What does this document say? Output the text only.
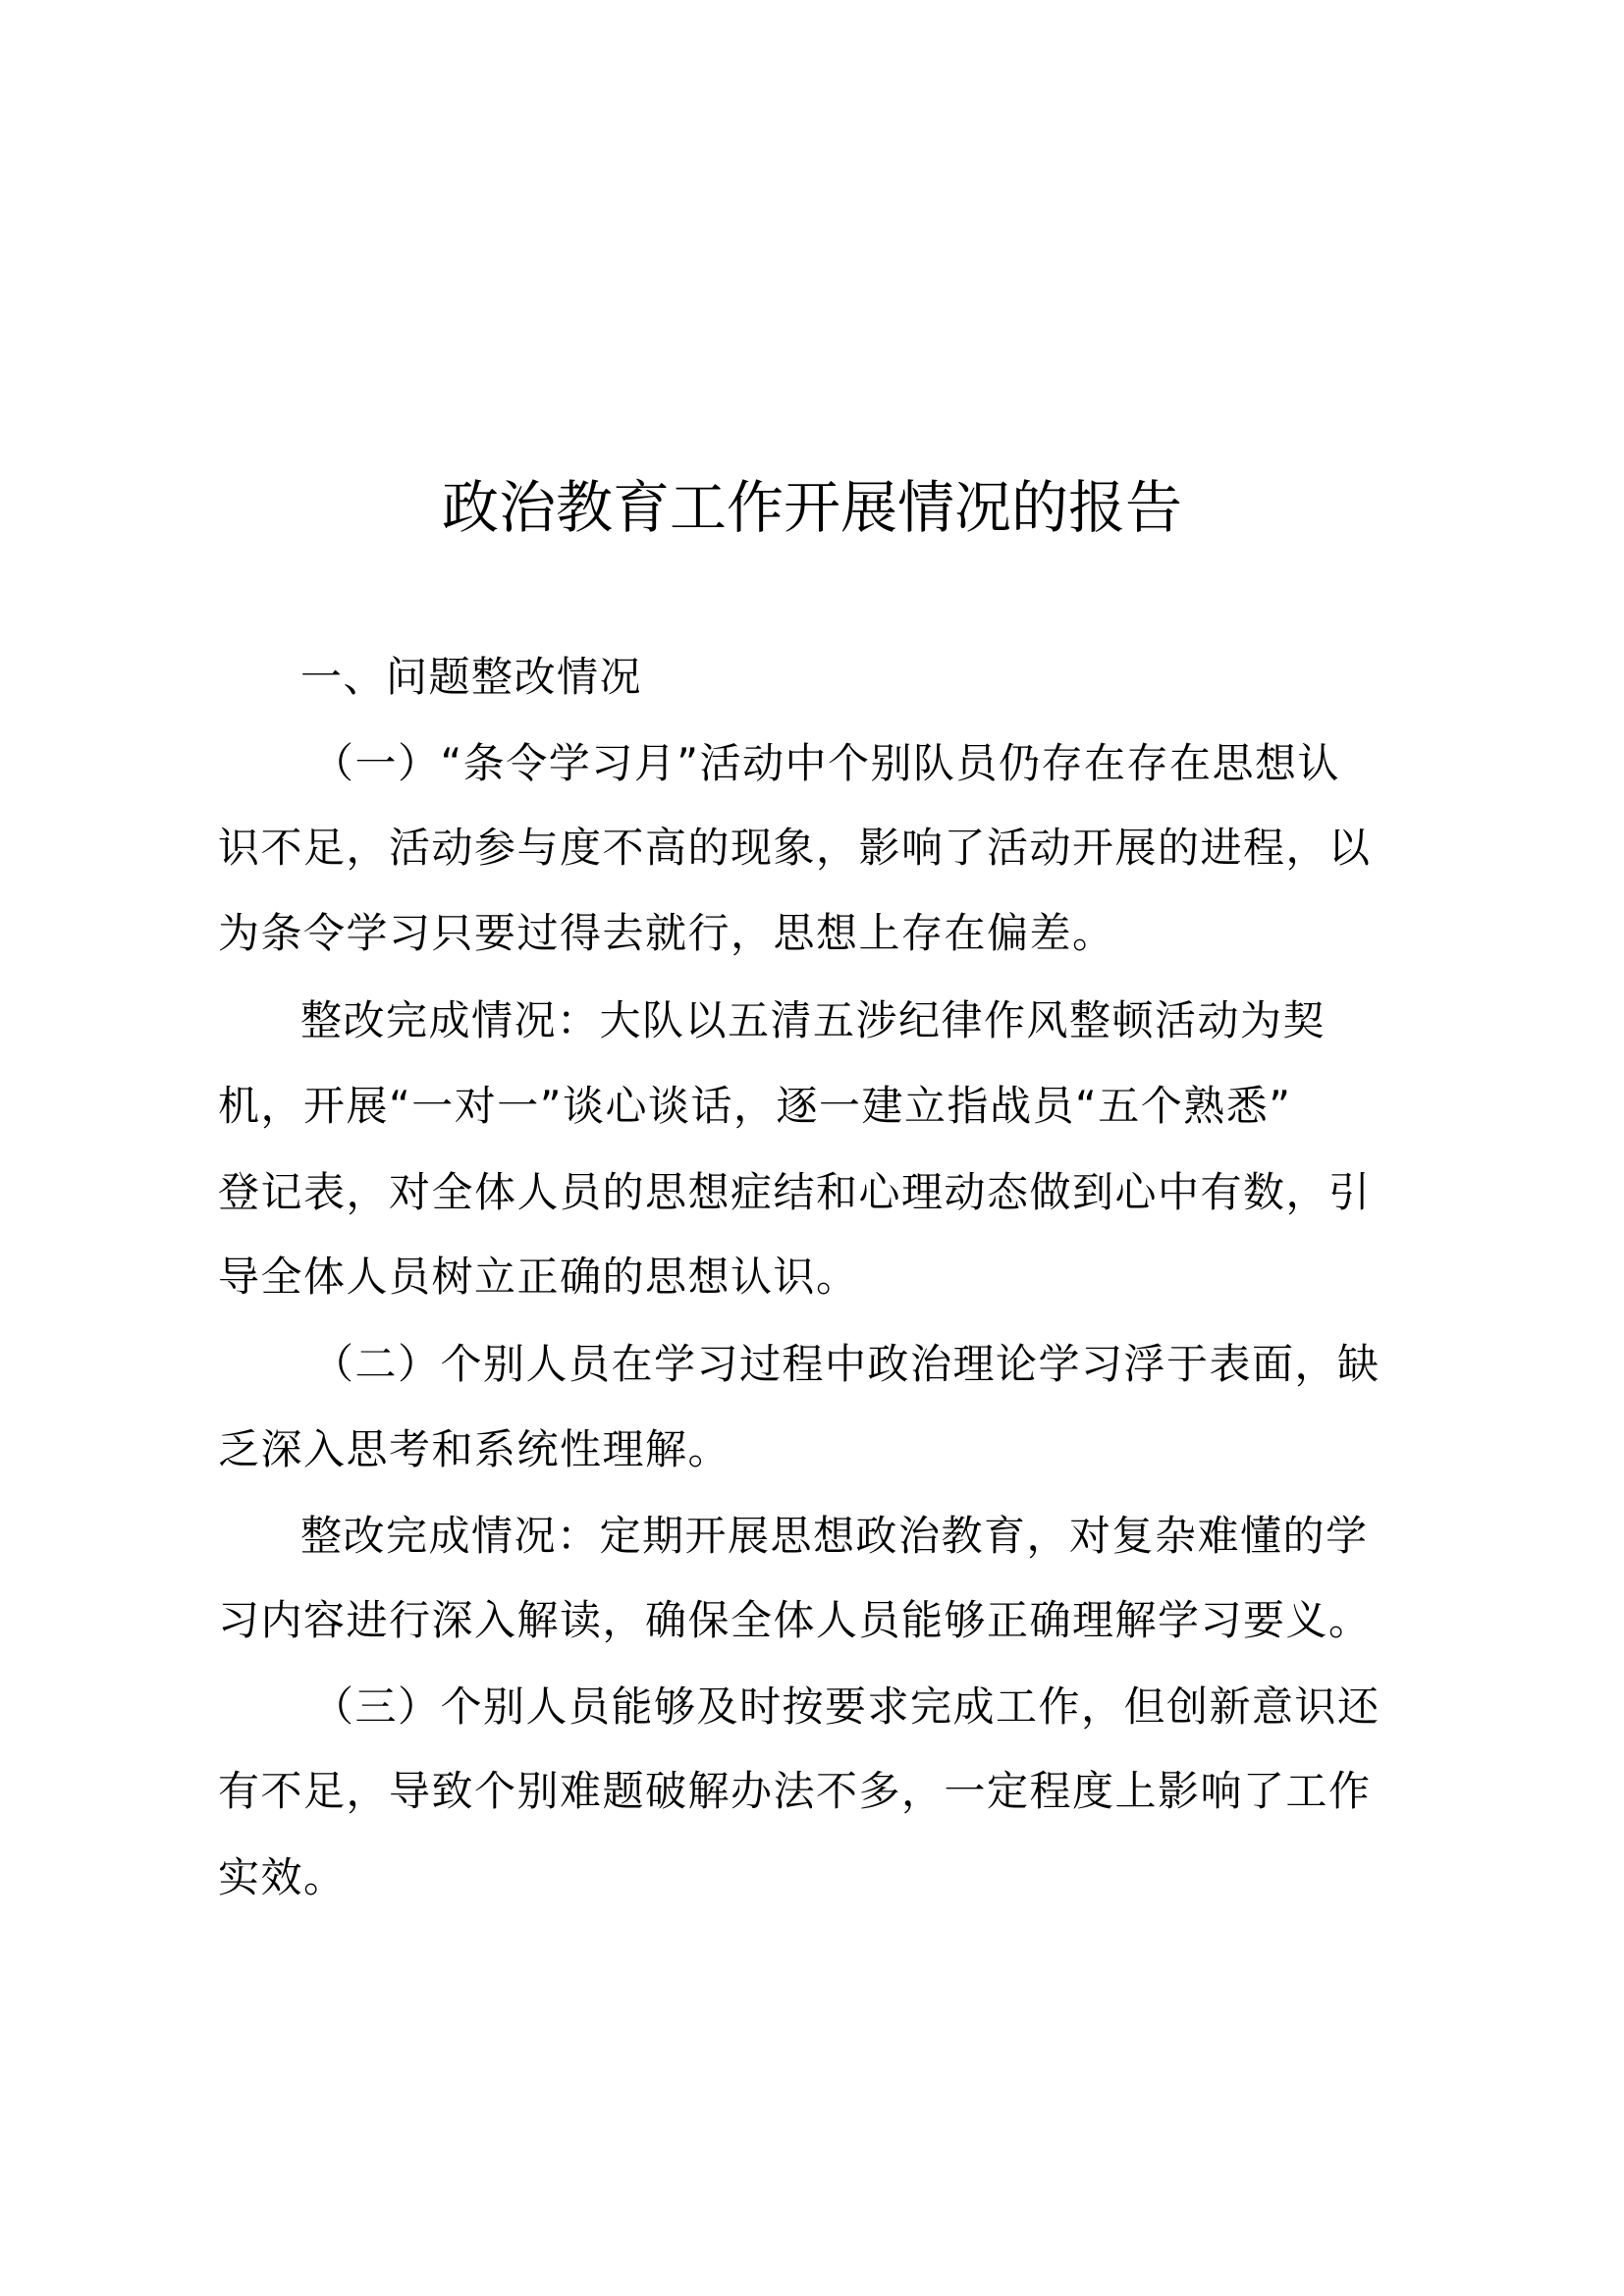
政治教育工作开展情况的报告
一、问题整改情况
（一）“条令学习月”活动中个别队员仍存在存在思想认
识不足，活动参与度不高的现象，影响了活动开展的进程，以
为条令学习只要过得去就行，思想上存在偏差。
整改完成情况：大队以五清五涉纪律作风整顿活动为契
机，开展“一对一”谈心谈话，逐一建立指战员“五个熟悉”
登记表，对全体人员的思想症结和心理动态做到心中有数，引
导全体人员树立正确的思想认识。
（二）个别人员在学习过程中政治理论学习浮于表面，缺
乏深入思考和系统性理解。
整改完成情况：定期开展思想政治教育，对复杂难懂的学
习内容进行深入解读，确保全体人员能够正确理解学习要义。
（三）个别人员能够及时按要求完成工作，但创新意识还
有不足，导致个别难题破解办法不多，一定程度上影响了工作
实效。
